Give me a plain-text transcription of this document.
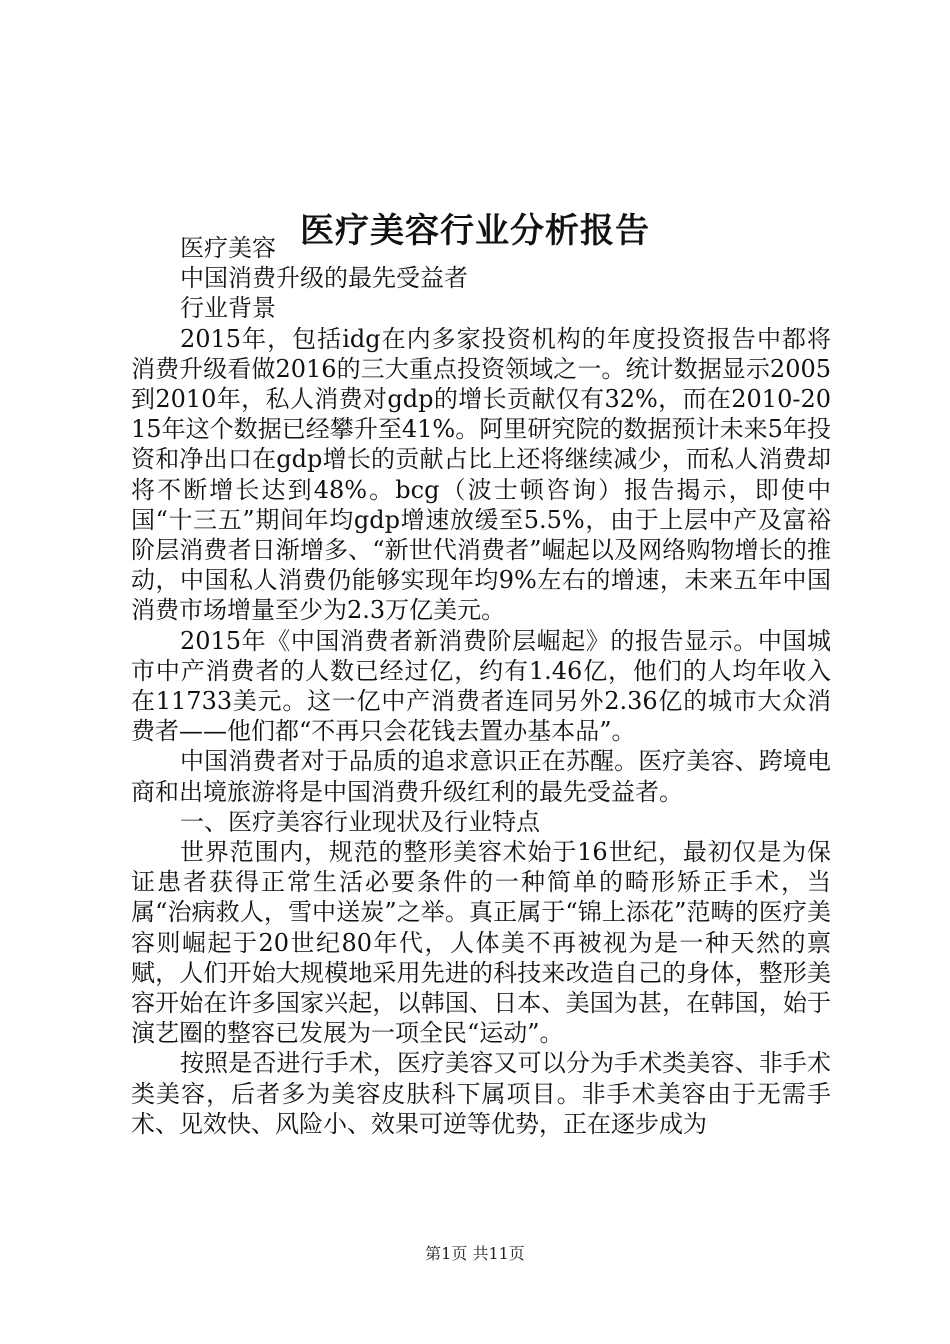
医疗美容行业分析报告

医疗美容

中国消费升级的最先受益者

行业背景

2015年，包括idg在内多家投资机构的年度投资报告中都将消费升级看做2016的三大重点投资领域之一。统计数据显示2005到2010年，私人消费对gdp的增长贡献仅有32%，而在2010-2015年这个数据已经攀升至41%。阿里研究院的数据预计未来5年投资和净出口在gdp增长的贡献占比上还将继续减少，而私人消费却将不断增长达到48%。bcg（波士顿咨询）报告揭示，即使中国“十三五”期间年均gdp增速放缓至5.5%，由于上层中产及富裕阶层消费者日渐增多、“新世代消费者”崛起以及网络购物增长的推动，中国私人消费仍能够实现年均9%左右的增速，未来五年中国消费市场增量至少为2.3万亿美元。

2015年《中国消费者新消费阶层崛起》的报告显示。中国城市中产消费者的人数已经过亿，约有1.46亿，他们的人均年收入在11733美元。这一亿中产消费者连同另外2.36亿的城市大众消费者——他们都“不再只会花钱去置办基本品”。

中国消费者对于品质的追求意识正在苏醒。医疗美容、跨境电商和出境旅游将是中国消费升级红利的最先受益者。

一、医疗美容行业现状及行业特点

世界范围内，规范的整形美容术始于16世纪，最初仅是为保证患者获得正常生活必要条件的一种简单的畸形矫正手术，当属“治病救人，雪中送炭”之举。真正属于“锦上添花”范畴的医疗美容则崛起于20世纪80年代，人体美不再被视为是一种天然的禀赋，人们开始大规模地采用先进的科技来改造自己的身体，整形美容开始在许多国家兴起，以韩国、日本、美国为甚，在韩国，始于演艺圈的整容已发展为一项全民“运动”。

按照是否进行手术，医疗美容又可以分为手术类美容、非手术类美容，后者多为美容皮肤科下属项目。非手术美容由于无需手术、见效快、风险小、效果可逆等优势，正在逐步成为

第1页 共11页
